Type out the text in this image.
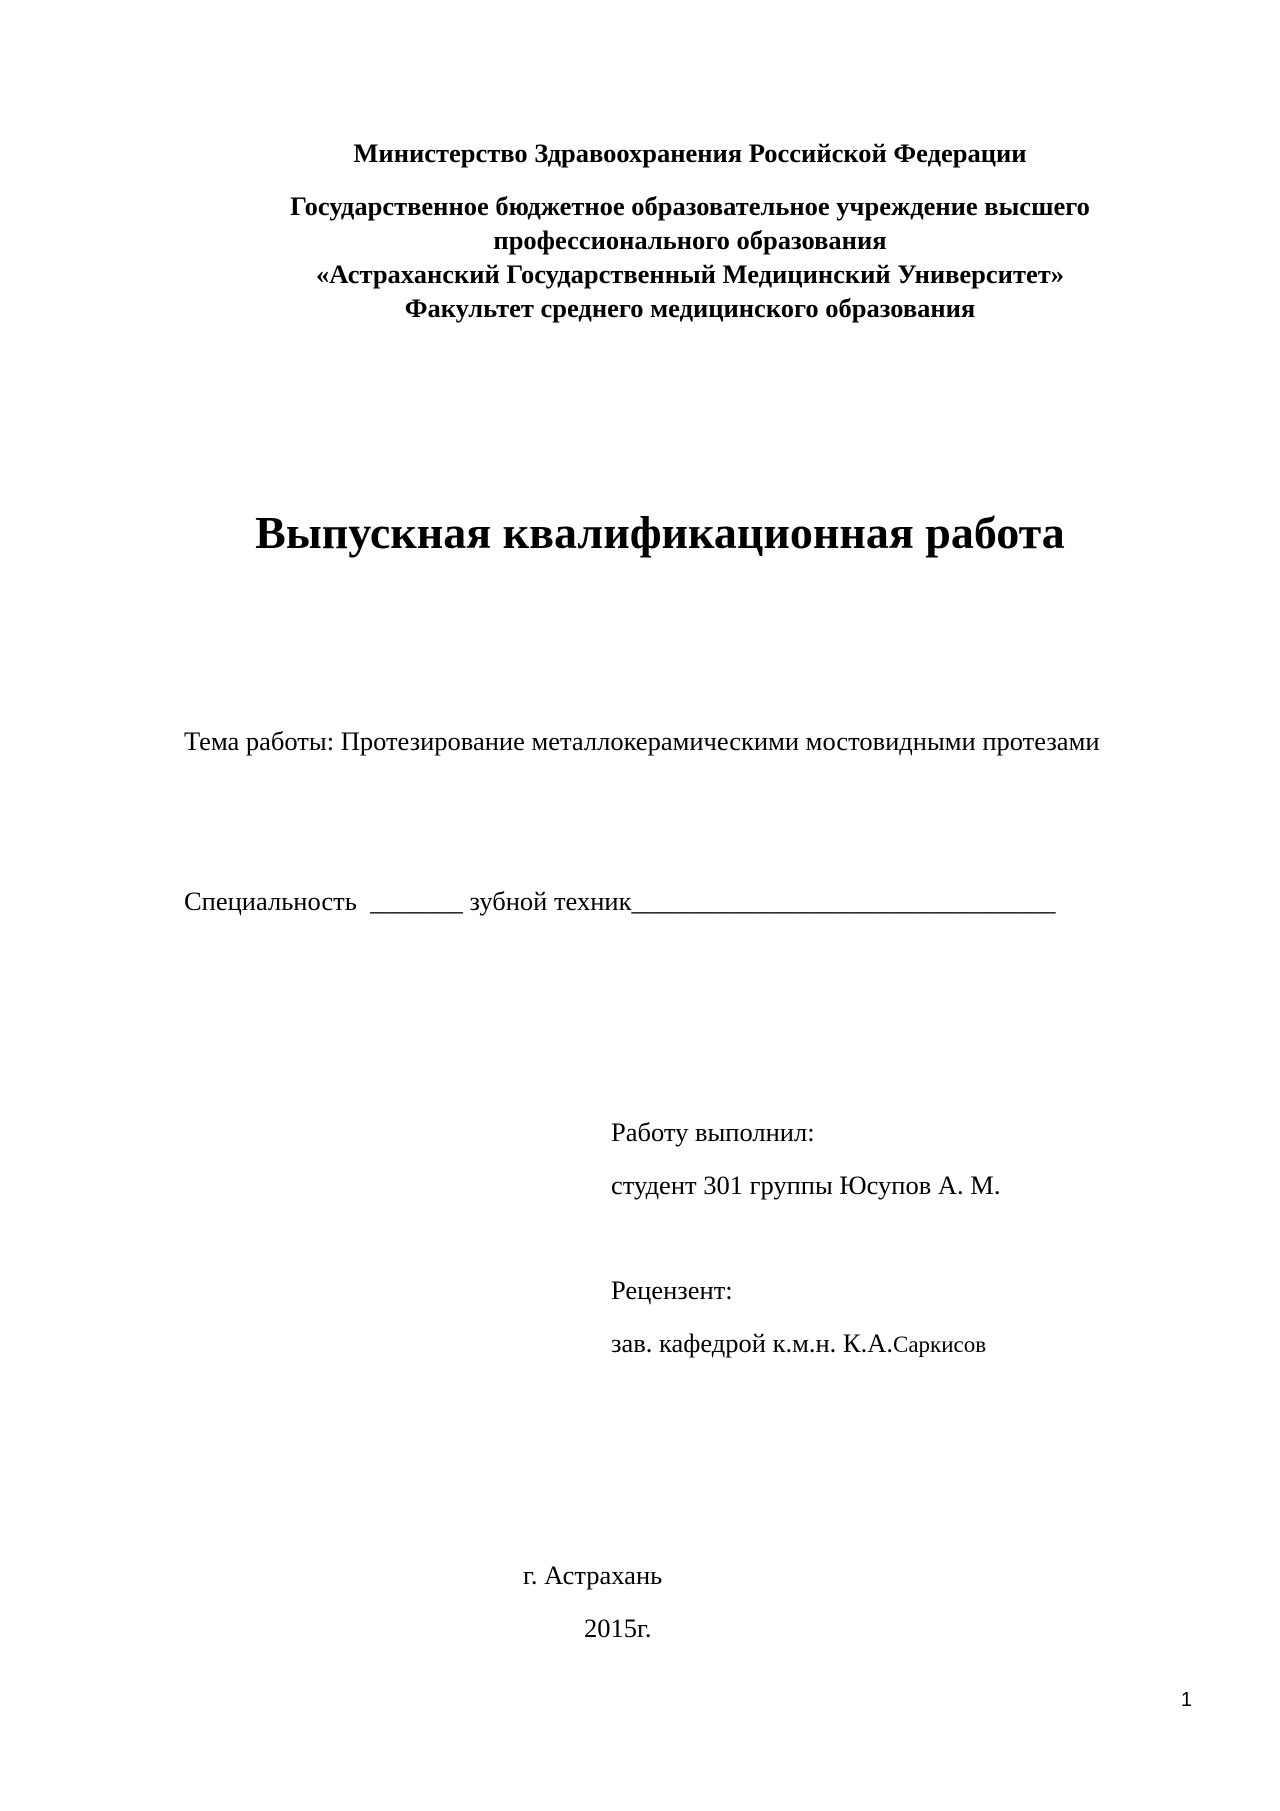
Министерство Здравоохранения Российской Федерации
Государственное бюджетное образовательное учреждение высшего
профессионального образования
«Астраханский Государственный Медицинский Университет»
Факультет среднего медицинского образования
Выпускная квалификационная работа
Тема работы: Протезирование металлокерамическими мостовидными протезами
Специальность _______ зубной техник________________________________
Работу выполнил:
студент 301 группы Юсупов А. М.
Рецензент:
зав. кафедрой к.м.н. К.А.Саркисов
г. Астрахань
2015г.
1
